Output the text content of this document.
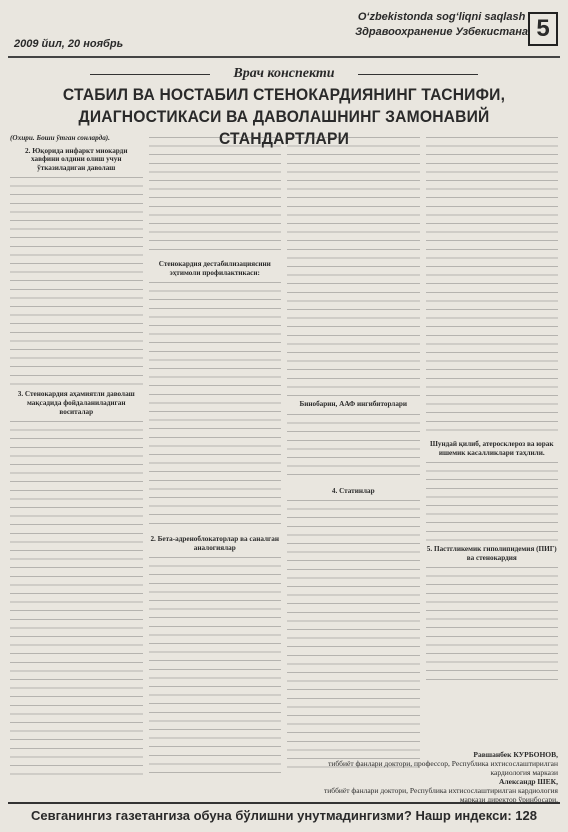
2009 йил, 20 ноябрь
O‘zbekistonda sog‘liqni saqlash
Здравоохранение Узбекистана 5
Врач конспекти
СТАБИЛ ВА НОСТАБИЛ СТЕНОКАРДИЯНИНГ ТАСНИФИ,
ДИАГНОСТИКАСИ ВА ДАВОЛАШНИНГ ЗАМОНАВИЙ СТАНДАРТЛАРИ

(Охири. Боши ўтган сонларда).

2. Юқорида инфаркт миокарди хавфини олдини олиш учун ўтказиладиган даволаш

3. Стенокардия аҳамиятли даволаш мақсадида фойдаланиладиган воситалар

Стенокардия дестабилизациясини эҳтимоли профилактикаси:

2. Бета-адреноблокаторлар ва саналган аналогиялар

Бинобарин, ААФ ингибиторлари

4. Статинлар

Шундай қилиб, атеросклероз ва юрак ишемик касалликлари таҳлили.

5. Пастгликемик гиполипидемия (ПИГ) ва стенокардия

Равшанбек КУРБОНОВ,
тиббиёт фанлари доктори, профессор, Республика ихтисослаштирилган кардиология маркази
Александр ШЕК,
тиббиёт фанлари доктори, Республика ихтисослаштирилган кардиология маркази директор ўринбосари.
Севганингиз газетангиза обуна бўлишни унутмадингизми? Нашр индекси: 128
